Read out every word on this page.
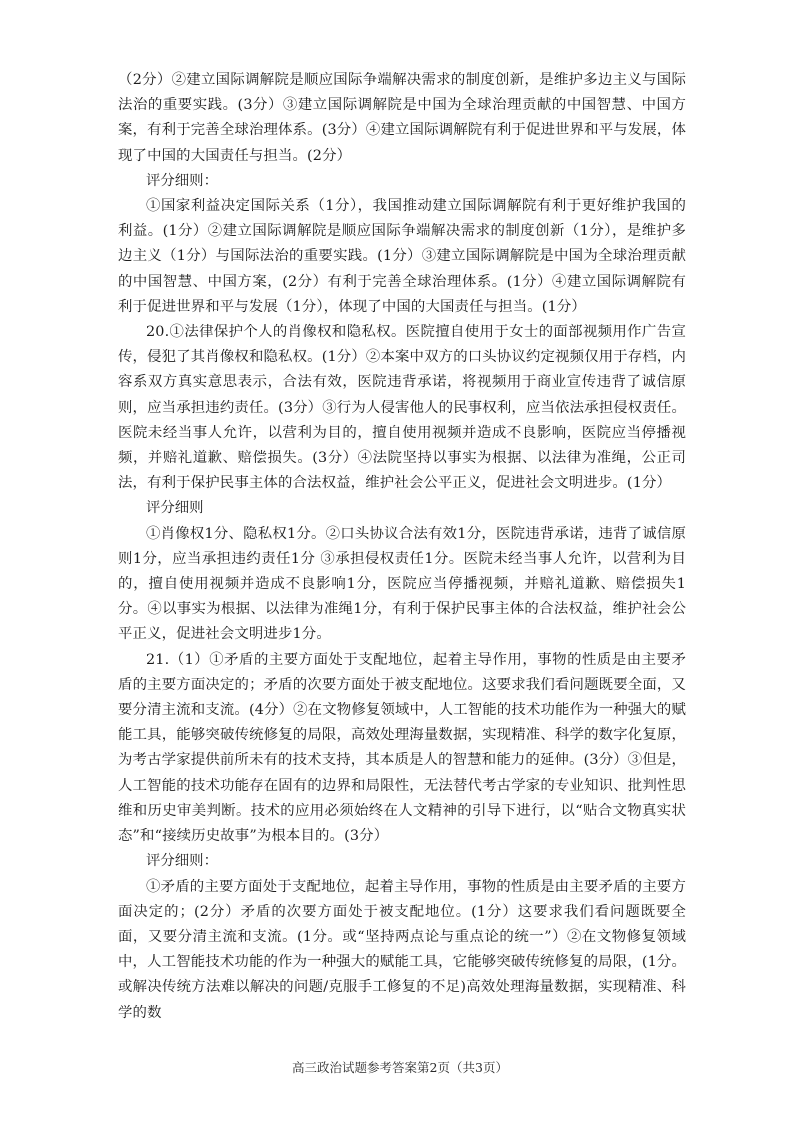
（2分）②建立国际调解院是顺应国际争端解决需求的制度创新，是维护多边主义与国际法治的重要实践。(3分）③建立国际调解院是中国为全球治理贡献的中国智慧、中国方案，有利于完善全球治理体系。(3分）④建立国际调解院有利于促进世界和平与发展，体现了中国的大国责任与担当。(2分）

评分细则：

①国家利益决定国际关系（1分），我国推动建立国际调解院有利于更好维护我国的利益。(1分）②建立国际调解院是顺应国际争端解决需求的制度创新（1分），是维护多边主义（1分）与国际法治的重要实践。(1分）③建立国际调解院是中国为全球治理贡献的中国智慧、中国方案，(2分）有利于完善全球治理体系。(1分）④建立国际调解院有利于促进世界和平与发展（1分），体现了中国的大国责任与担当。(1分）

20.①法律保护个人的肖像权和隐私权。医院擅自使用于女士的面部视频用作广告宣传，侵犯了其肖像权和隐私权。(1分）②本案中双方的口头协议约定视频仅用于存档，内容系双方真实意思表示，合法有效，医院违背承诺，将视频用于商业宣传违背了诚信原则，应当承担违约责任。(3分）③行为人侵害他人的民事权利，应当依法承担侵权责任。医院未经当事人允许，以营利为目的，擅自使用视频并造成不良影响，医院应当停播视频，并赔礼道歉、赔偿损失。(3分）④法院坚持以事实为根据、以法律为准绳，公正司法，有利于保护民事主体的合法权益，维护社会公平正义，促进社会文明进步。(1分）

评分细则

①肖像权1分、隐私权1分。②口头协议合法有效1分，医院违背承诺，违背了诚信原则1分，应当承担违约责任1分 ③承担侵权责任1分。医院未经当事人允许，以营利为目的，擅自使用视频并造成不良影响1分，医院应当停播视频，并赔礼道歉、赔偿损失1分。④以事实为根据、以法律为准绳1分，有利于保护民事主体的合法权益，维护社会公平正义，促进社会文明进步1分。

21.（1）①矛盾的主要方面处于支配地位，起着主导作用，事物的性质是由主要矛盾的主要方面决定的；矛盾的次要方面处于被支配地位。这要求我们看问题既要全面，又要分清主流和支流。(4分）②在文物修复领域中，人工智能的技术功能作为一种强大的赋能工具，能够突破传统修复的局限，高效处理海量数据，实现精准、科学的数字化复原，为考古学家提供前所未有的技术支持，其本质是人的智慧和能力的延伸。(3分）③但是，人工智能的技术功能存在固有的边界和局限性，无法替代考古学家的专业知识、批判性思维和历史审美判断。技术的应用必须始终在人文精神的引导下进行，以“贴合文物真实状态”和“接续历史故事”为根本目的。(3分）

评分细则：

①矛盾的主要方面处于支配地位，起着主导作用，事物的性质是由主要矛盾的主要方面决定的；(2分）矛盾的次要方面处于被支配地位。(1分）这要求我们看问题既要全面，又要分清主流和支流。(1分。或“坚持两点论与重点论的统一”）②在文物修复领域中，人工智能技术功能的作为一种强大的赋能工具，它能够突破传统修复的局限，(1分。或解决传统方法难以解决的问题/克服手工修复的不足)高效处理海量数据，实现精准、科学的数

高三政治试题参考答案第2页（共3页）
